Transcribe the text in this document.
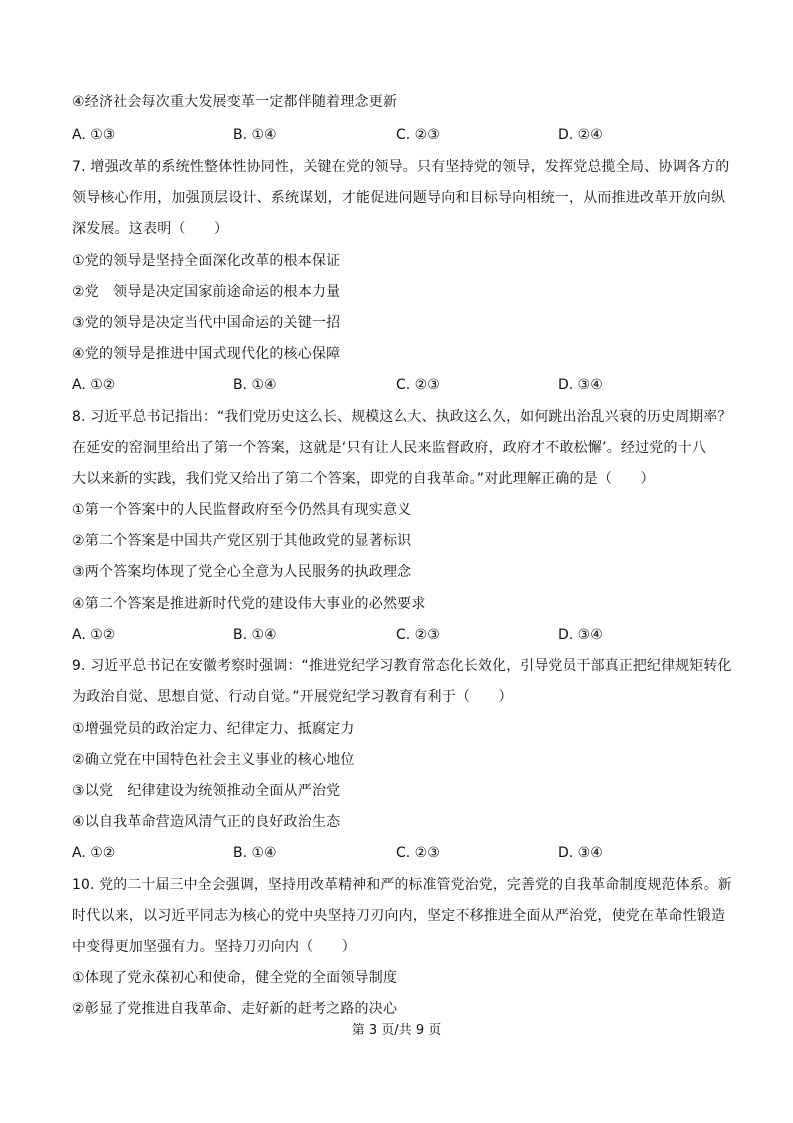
④经济社会每次重大发展变革一定都伴随着理念更新
A. ①③	B. ①④	C. ②③	D. ②④
7. 增强改革的系统性整体性协同性，关键在党的领导。只有坚持党的领导，发挥党总揽全局、协调各方的
领导核心作用，加强顶层设计、系统谋划，才能促进问题导向和目标导向相统一，从而推进改革开放向纵
深发展。这表明（　　）
①党的领导是坚持全面深化改革的根本保证
②党　领导是决定国家前途命运的根本力量
③党的领导是决定当代中国命运的关键一招
④党的领导是推进中国式现代化的核心保障
A. ①②	B. ①④	C. ②③	D. ③④
8. 习近平总书记指出：“我们党历史这么长、规模这么大、执政这么久，如何跳出治乱兴衰的历史周期率？
在延安的窑洞里给出了第一个答案，这就是‘只有让人民来监督政府，政府才不敢松懈’。经过党的十八
大以来新的实践，我们党又给出了第二个答案，即党的自我革命。”对此理解正确的是（　　）
①第一个答案中的人民监督政府至今仍然具有现实意义
②第二个答案是中国共产党区别于其他政党的显著标识
③两个答案均体现了党全心全意为人民服务的执政理念
④第二个答案是推进新时代党的建设伟大事业的必然要求
A. ①②	B. ①④	C. ②③	D. ③④
9. 习近平总书记在安徽考察时强调：“推进党纪学习教育常态化长效化，引导党员干部真正把纪律规矩转化
为政治自觉、思想自觉、行动自觉。”开展党纪学习教育有利于（　　）
①增强党员的政治定力、纪律定力、抵腐定力
②确立党在中国特色社会主义事业的核心地位
③以党　纪律建设为统领推动全面从严治党
④以自我革命营造风清气正的良好政治生态
A. ①②	B. ①④	C. ②③	D. ③④
10. 党的二十届三中全会强调，坚持用改革精神和严的标准管党治党，完善党的自我革命制度规范体系。新
时代以来，以习近平同志为核心的党中央坚持刀刃向内，坚定不移推进全面从严治党，使党在革命性锻造
中变得更加坚强有力。坚持刀刃向内（　　）
①体现了党永葆初心和使命，健全党的全面领导制度
②彰显了党推进自我革命、走好新的赶考之路的决心
第 3 页/共 9 页
